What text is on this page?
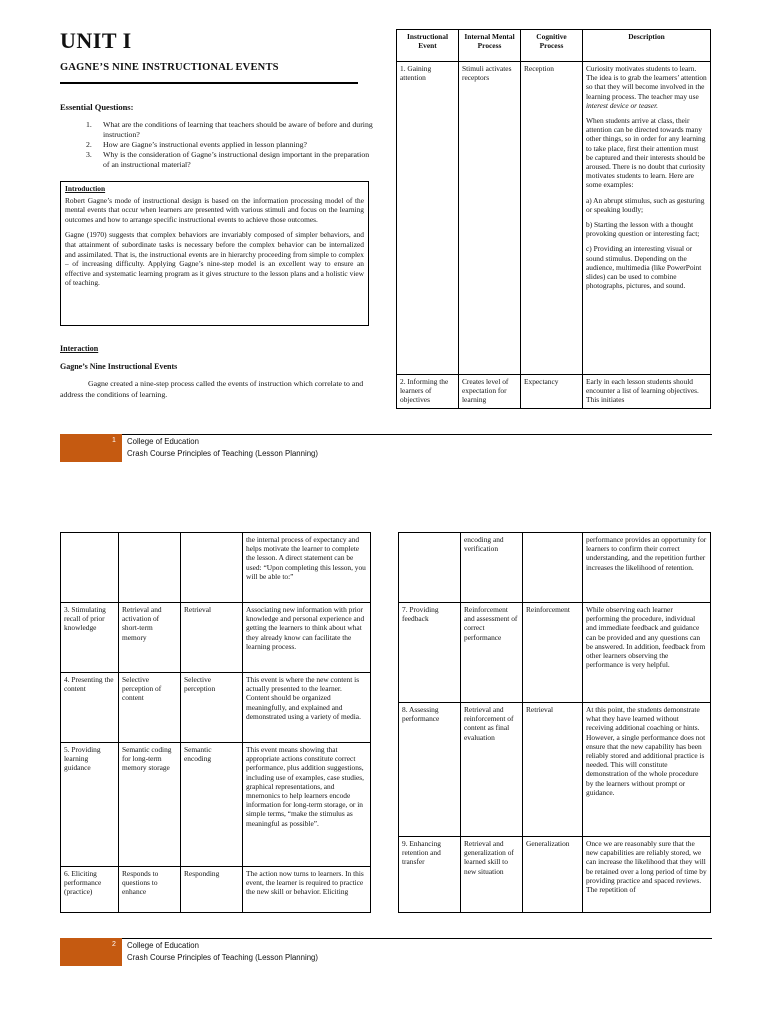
UNIT I
GAGNE’S NINE INSTRUCTIONAL EVENTS
Essential Questions:
1. What are the conditions of learning that teachers should be aware of before and during instruction?
2. How are Gagne’s instructional events applied in lesson planning?
3. Why is the consideration of Gagne’s instructional design important in the preparation of an instructional material?
Introduction

Robert Gagne’s mode of instructional design is based on the information processing model of the mental events that occur when learners are presented with various stimuli and focus on the learning outcomes and how to arrange specific instructional events to achieve those outcomes.

Gagne (1970) suggests that complex behaviors are invariably composed of simpler behaviors, and that attainment of subordinate tasks is necessary before the complex behavior can be internalized and assimilated. That is, the instructional events are in hierarchy proceeding from simple to complex – of increasing difficulty. Applying Gagne’s nine-step model is an excellent way to ensure an effective and systematic learning program as it gives structure to the lesson plans and a holistic view of teaching.

Interaction
Gagne’s Nine Instructional Events
Gagne created a nine-step process called the events of instruction which correlate to and address the conditions of learning.
Instructional Event	Internal Mental Process	Cognitive Process	Description
1. Gaining attention	Stimuli activates receptors	Reception	Curiosity motivates students to learn. The idea is to grab the learners’ attention so that they will become involved in the learning process. The teacher may use interest device or teaser.

When students arrive at class, their attention can be directed towards many other things, so in order for any learning to take place, first their attention must be captured and their interests should be aroused. There is no doubt that curiosity motivates students to learn. Here are some examples:

a) An abrupt stimulus, such as gesturing or speaking loudly;

b) Starting the lesson with a thought provoking question or interesting fact;

c) Providing an interesting visual or sound stimulus. Depending on the audience, multimedia (like PowerPoint slides) can be used to combine photographs, pictures, and sound.

2. Informing the learners of objectives	Creates level of expectation for learning	Expectancy	Early in each lesson students should encounter a list of learning objectives. This initiates
1 College of Education
Crash Course Principles of Teaching (Lesson Planning)
			the internal process of expectancy and helps motivate the learner to complete the lesson. A direct statement can be used: “Upon completing this lesson, you will be able to:”
3. Stimulating recall of prior knowledge	Retrieval and activation of short-term memory	Retrieval	Associating new information with prior knowledge and personal experience and getting the learners to think about what they already know can facilitate the learning process.
4. Presenting the content	Selective perception of content	Selective perception	This event is where the new content is actually presented to the learner. Content should be organized meaningfully, and explained and demonstrated using a variety of media.
5. Providing learning guidance	Semantic coding for long-term memory storage	Semantic encoding	This event means showing that appropriate actions constitute correct performance, plus addition suggestions, including use of examples, case studies, graphical representations, and mnemonics to help learners encode information for long-term storage, or in simple terms, “make the stimulus as meaningful as possible”.
6. Eliciting performance (practice)	Responds to questions to enhance	Responding	The action now turns to learners. In this event, the learner is required to practice the new skill or behavior. Eliciting
	encoding and verification		performance provides an opportunity for learners to confirm their correct understanding, and the repetition further increases the likelihood of retention.
7. Providing feedback	Reinforcement and assessment of correct performance	Reinforcement	While observing each learner performing the procedure, individual and immediate feedback and guidance can be provided and any questions can be answered. In addition, feedback from other learners observing the performance is very helpful.
8. Assessing performance	Retrieval and reinforcement of content as final evaluation	Retrieval	At this point, the students demonstrate what they have learned without receiving additional coaching or hints. However, a single performance does not ensure that the new capability has been reliably stored and additional practice is needed. This will constitute demonstration of the whole procedure by the learners without prompt or guidance.
9. Enhancing retention and transfer	Retrieval and generalization of learned skill to new situation	Generalization	Once we are reasonably sure that the new capabilities are reliably stored, we can increase the likelihood that they will be retained over a long period of time by providing practice and spaced reviews. The repetition of
2 College of Education
Crash Course Principles of Teaching (Lesson Planning)
